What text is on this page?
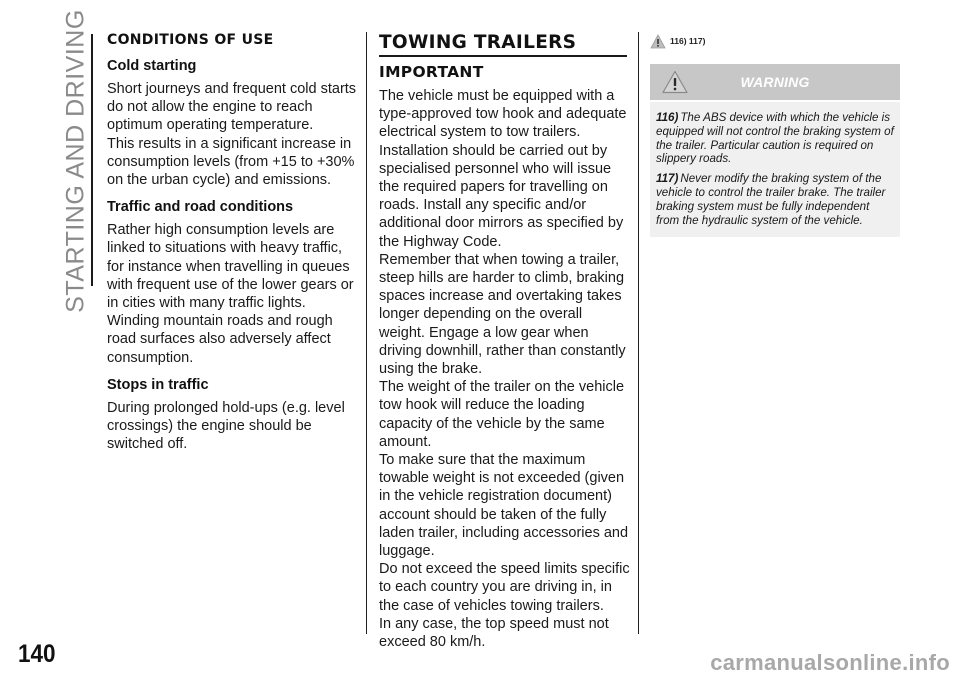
STARTING AND DRIVING CONDITIONS OF USE
Cold starting

Short journeys and frequent cold starts do not allow the engine to reach optimum operating temperature.
This results in a significant increase in consumption levels (from +15 to +30% on the urban cycle) and emissions.

Traffic and road conditions

Rather high consumption levels are linked to situations with heavy traffic, for instance when travelling in queues with frequent use of the lower gears or in cities with many traffic lights. Winding mountain roads and rough road surfaces also adversely affect consumption.

Stops in traffic

During prolonged hold-ups (e.g. level crossings) the engine should be switched off.

TOWING TRAILERS
IMPORTANT

The vehicle must be equipped with a type-approved tow hook and adequate electrical system to tow trailers. Installation should be carried out by specialised personnel who will issue the required papers for travelling on roads. Install any specific and/or additional door mirrors as specified by the Highway Code.
Remember that when towing a trailer, steep hills are harder to climb, braking spaces increase and overtaking takes longer depending on the overall weight. Engage a low gear when driving downhill, rather than constantly using the brake.
The weight of the trailer on the vehicle tow hook will reduce the loading capacity of the vehicle by the same amount.
To make sure that the maximum towable weight is not exceeded (given in the vehicle registration document) account should be taken of the fully laden trailer, including accessories and luggage.
Do not exceed the speed limits specific to each country you are driving in, in the case of vehicles towing trailers.
In any case, the top speed must not exceed 80 km/h.

116) 117)
WARNING
116) The ABS device with which the vehicle is equipped will not control the braking system of the trailer. Particular caution is required on slippery roads.
117) Never modify the braking system of the vehicle to control the trailer brake. The trailer braking system must be fully independent from the hydraulic system of the vehicle.
140	carmanualsonline.info
